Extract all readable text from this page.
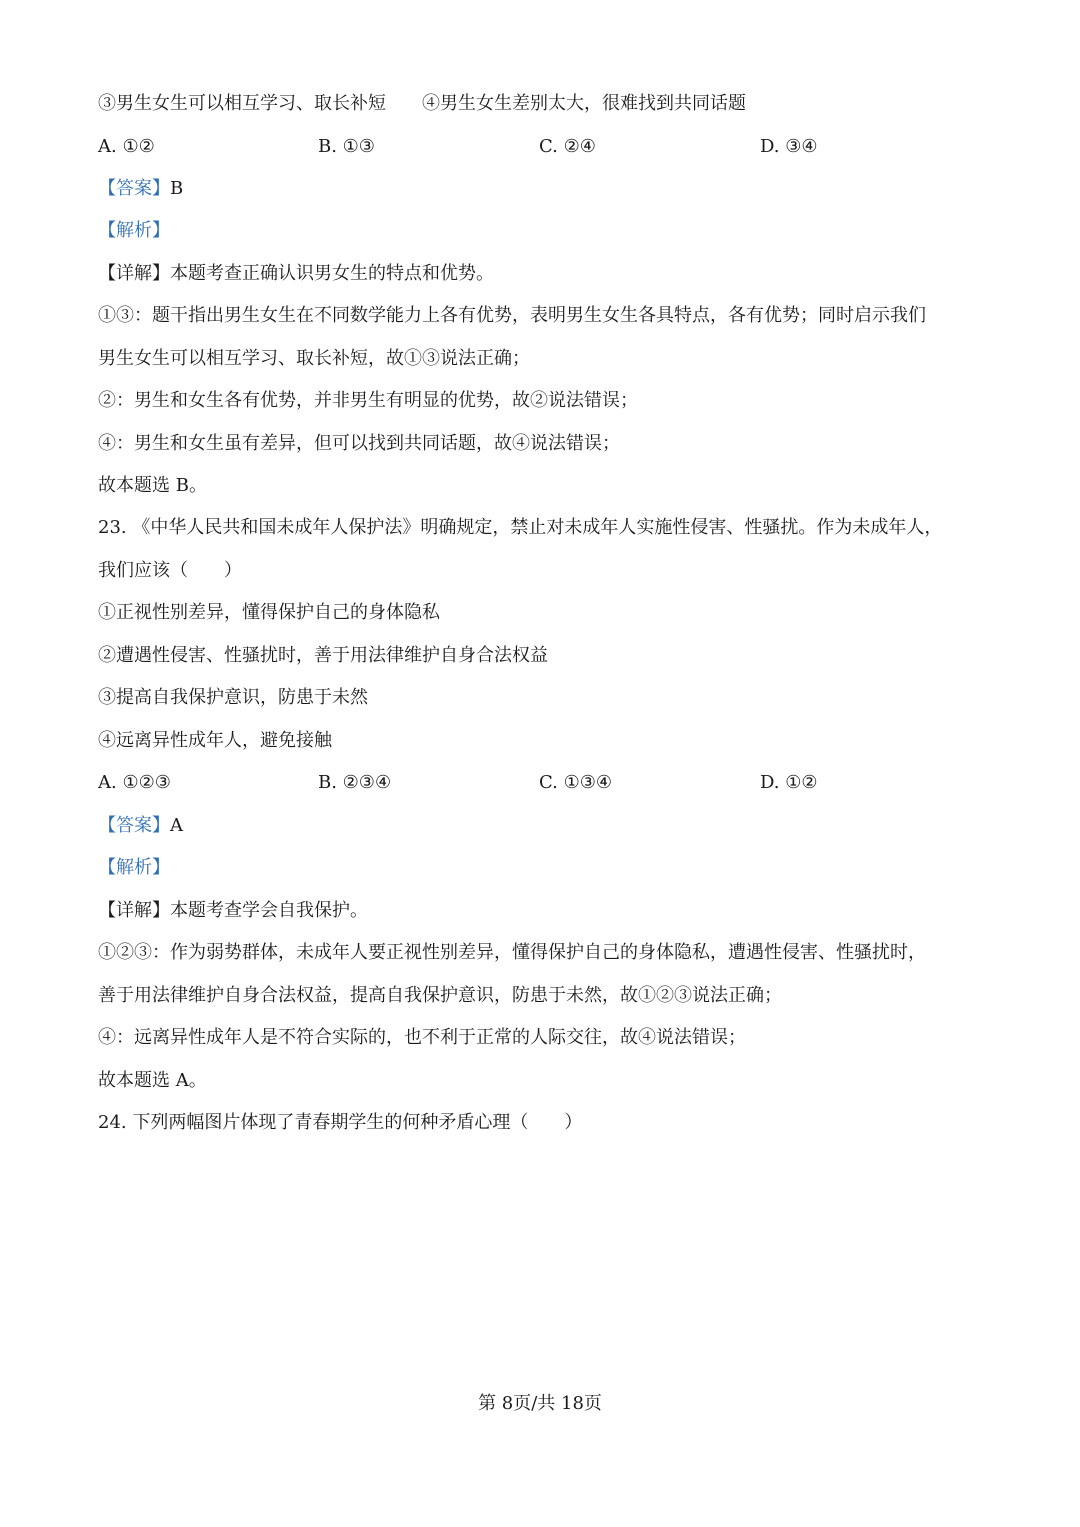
③男生女生可以相互学习、取长补短　　④男生女生差别太大，很难找到共同话题
A. ①②	B. ①③	C. ②④	D. ③④
【答案】B
【解析】
【详解】本题考查正确认识男女生的特点和优势。
①③：题干指出男生女生在不同数学能力上各有优势，表明男生女生各具特点，各有优势；同时启示我们
男生女生可以相互学习、取长补短，故①③说法正确；
②：男生和女生各有优势，并非男生有明显的优势，故②说法错误；
④：男生和女生虽有差异，但可以找到共同话题，故④说法错误；
故本题选 B。
23. 《中华人民共和国未成年人保护法》明确规定，禁止对未成年人实施性侵害、性骚扰。作为未成年人，
我们应该（　　）
①正视性别差异，懂得保护自己的身体隐私
②遭遇性侵害、性骚扰时，善于用法律维护自身合法权益
③提高自我保护意识，防患于未然
④远离异性成年人，避免接触
A. ①②③	B. ②③④	C. ①③④	D. ①②
【答案】A
【解析】
【详解】本题考查学会自我保护。
①②③：作为弱势群体，未成年人要正视性别差异，懂得保护自己的身体隐私，遭遇性侵害、性骚扰时，
善于用法律维护自身合法权益，提高自我保护意识，防患于未然，故①②③说法正确；
④：远离异性成年人是不符合实际的，也不利于正常的人际交往，故④说法错误；
故本题选 A。
24. 下列两幅图片体现了青春期学生的何种矛盾心理（　　）
第 8页/共 18页
